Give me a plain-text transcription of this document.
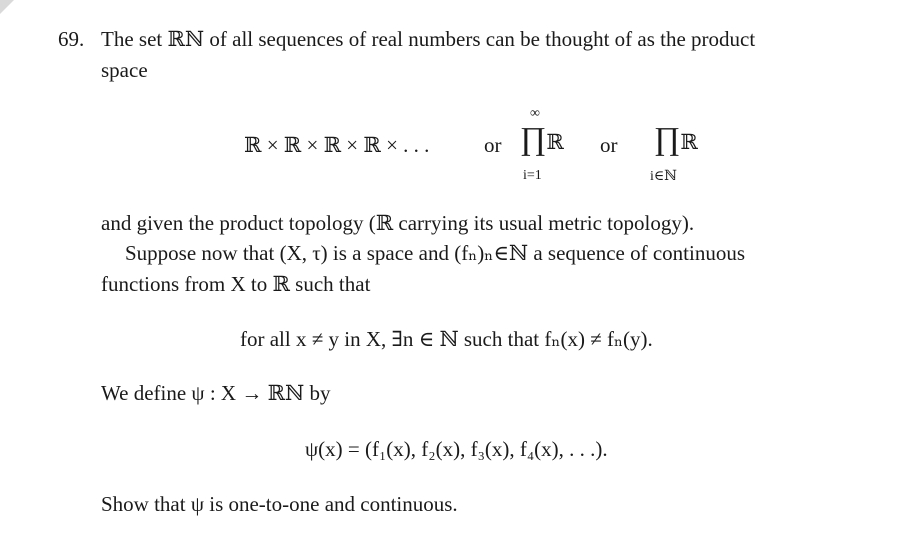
69. The set ℝℕ of all sequences of real numbers can be thought of as the product
space
ℝ × ℝ × ℝ × ℝ × . . .	or ∏ℝ
∞
i=1
or ∏ℝ
i∈ℕ
and given the product topology (ℝ carrying its usual metric topology).
Suppose now that (X, τ) is a space and (fₙ)ₙ∈ℕ a sequence of continuous
functions from X to ℝ such that
for all x ≠ y in X, ∃n ∈ ℕ such that fₙ(x) ≠ fₙ(y).
We define ψ : X → ℝℕ by
ψ(x) = (f₁(x), f₂(x), f₃(x), f₄(x), . . .).
Show that ψ is one-to-one and continuous.
